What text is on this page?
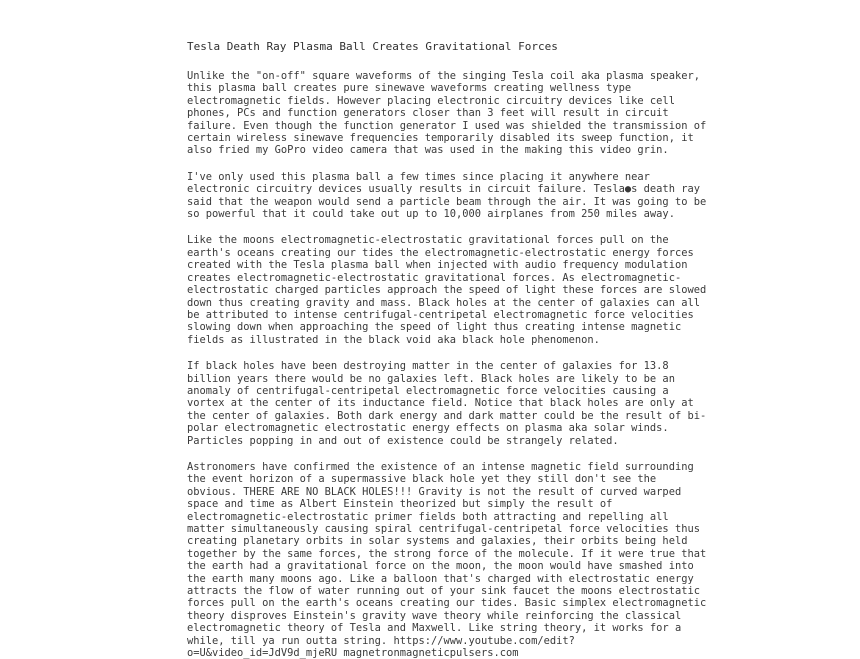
Tesla Death Ray Plasma Ball Creates Gravitational Forces
Unlike the "on-off" square waveforms of the singing Tesla coil aka plasma speaker,
this plasma ball creates pure sinewave waveforms creating wellness type
electromagnetic fields. However placing electronic circuitry devices like cell
phones, PCs and function generators closer than 3 feet will result in circuit
failure. Even though the function generator I used was shielded the transmission of
certain wireless sinewave frequencies temporarily disabled its sweep function, it
also fried my GoPro video camera that was used in the making this video grin.
I've only used this plasma ball a few times since placing it anywhere near
electronic circuitry devices usually results in circuit failure. Tesla●s death ray
said that the weapon would send a particle beam through the air. It was going to be
so powerful that it could take out up to 10,000 airplanes from 250 miles away.
Like the moons electromagnetic-electrostatic gravitational forces pull on the
earth's oceans creating our tides the electromagnetic-electrostatic energy forces
created with the Tesla plasma ball when injected with audio frequency modulation
creates electromagnetic-electrostatic gravitational forces. As electromagnetic-
electrostatic charged particles approach the speed of light these forces are slowed
down thus creating gravity and mass. Black holes at the center of galaxies can all
be attributed to intense centrifugal-centripetal electromagnetic force velocities
slowing down when approaching the speed of light thus creating intense magnetic
fields as illustrated in the black void aka black hole phenomenon.
If black holes have been destroying matter in the center of galaxies for 13.8
billion years there would be no galaxies left. Black holes are likely to be an
anomaly of centrifugal-centripetal electromagnetic force velocities causing a
vortex at the center of its inductance field. Notice that black holes are only at
the center of galaxies. Both dark energy and dark matter could be the result of bi-
polar electromagnetic electrostatic energy effects on plasma aka solar winds.
Particles popping in and out of existence could be strangely related.
Astronomers have confirmed the existence of an intense magnetic field surrounding
the event horizon of a supermassive black hole yet they still don't see the
obvious. THERE ARE NO BLACK HOLES!!! Gravity is not the result of curved warped
space and time as Albert Einstein theorized but simply the result of
electromagnetic-electrostatic primer fields both attracting and repelling all
matter simultaneously causing spiral centrifugal-centripetal force velocities thus
creating planetary orbits in solar systems and galaxies, their orbits being held
together by the same forces, the strong force of the molecule. If it were true that
the earth had a gravitational force on the moon, the moon would have smashed into
the earth many moons ago. Like a balloon that's charged with electrostatic energy
attracts the flow of water running out of your sink faucet the moons electrostatic
forces pull on the earth's oceans creating our tides. Basic simplex electromagnetic
theory disproves Einstein's gravity wave theory while reinforcing the classical
electromagnetic theory of Tesla and Maxwell. Like string theory, it works for a
while, till ya run outta string. https://www.youtube.com/edit?
o=U&video_id=JdV9d_mjeRU magnetronmagneticpulsers.com
